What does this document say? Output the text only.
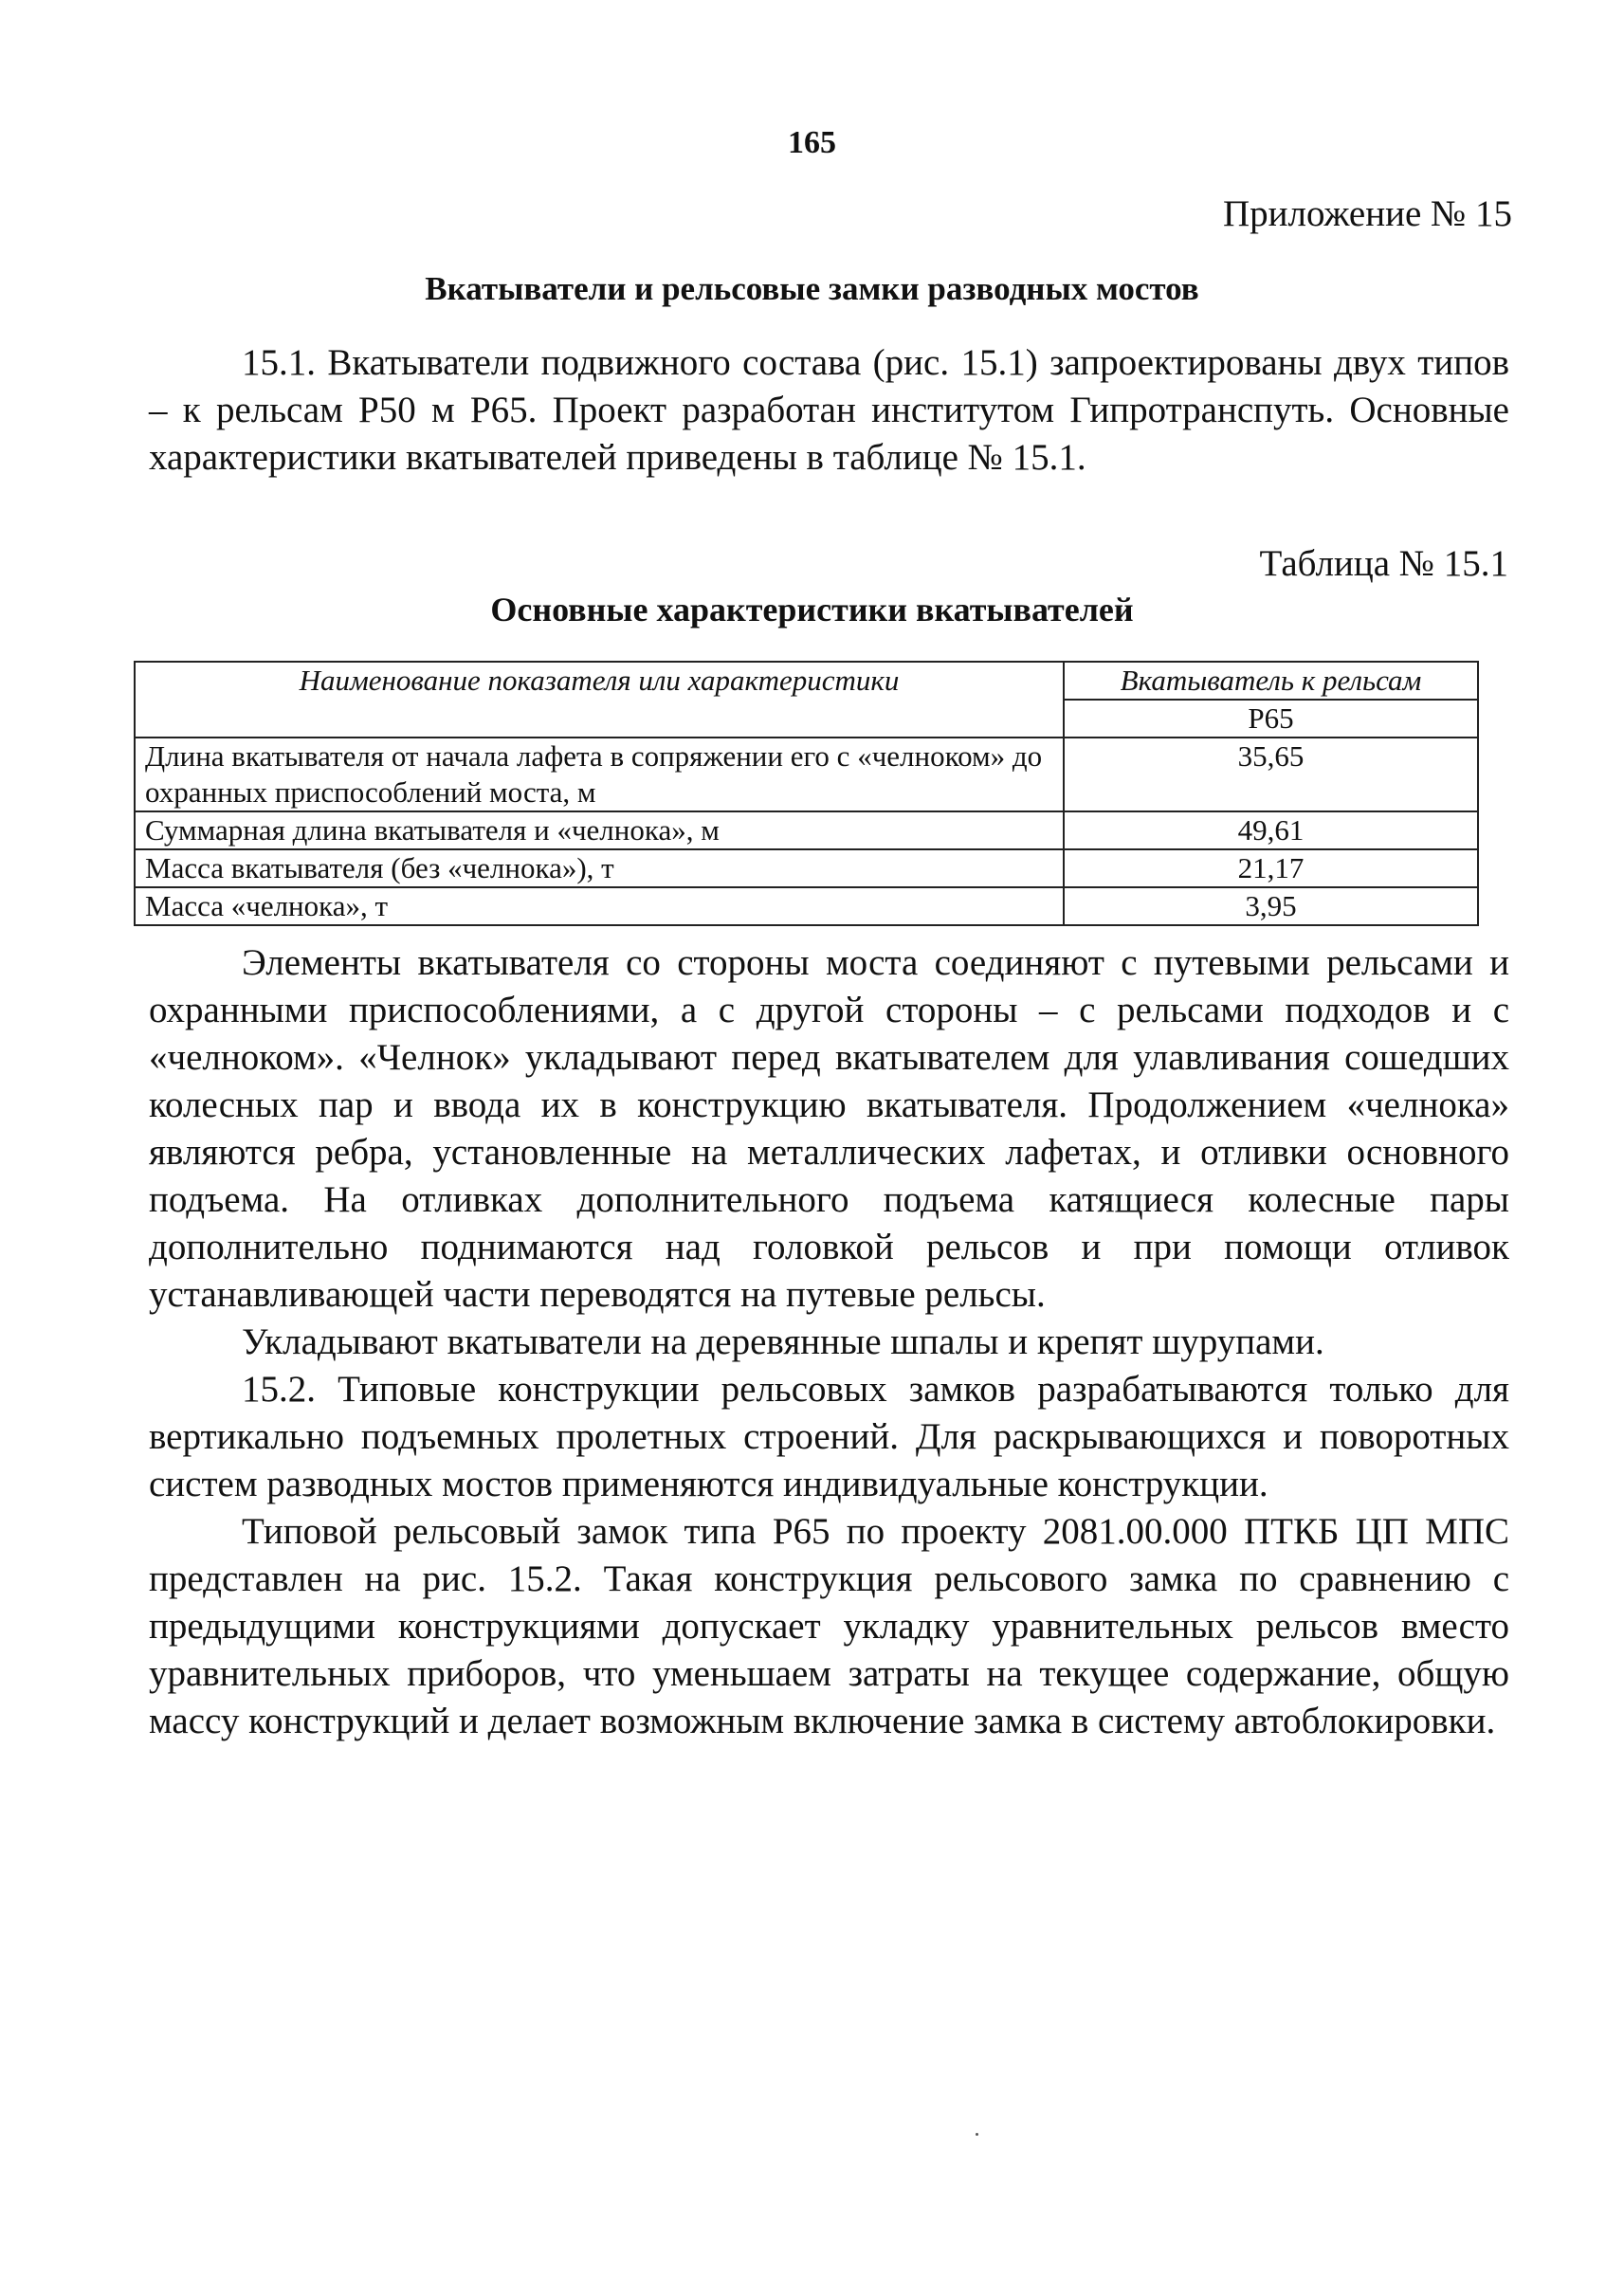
165
Приложение № 15
Вкатыватели и рельсовые замки разводных мостов

15.1. Вкатыватели подвижного состава (рис. 15.1) запроектированы двух типов – к рельсам Р50 м Р65. Проект разработан институтом Гипротранспуть. Основные характеристики вкатывателей приведены в таблице № 15.1.

Таблица № 15.1
Основные характеристики вкатывателей
Наименование показателя или характеристики	Вкатыватель к рельсам
	Р65
Длина вкатывателя от начала лафета в сопряжении его с «челноком» до охранных приспособлений моста, м	35,65
Суммарная длина вкатывателя и «челнока», м	49,61
Масса вкатывателя (без «челнока»), т	21,17
Масса «челнока», т	3,95

Элементы вкатывателя со стороны моста соединяют с путевыми рельсами и охранными приспособлениями, а с другой стороны – с рельсами подходов и с «челноком». «Челнок» укладывают перед вкатывателем для улавливания сошедших колесных пар и ввода их в конструкцию вкатывателя. Продолжением «челнока» являются ребра, установленные на металлических лафетах, и отливки основного подъема. На отливках дополнительного подъема катящиеся колесные пары дополнительно поднимаются над головкой рельсов и при помощи отливок устанавливающей части переводятся на путевые рельсы.

Укладывают вкатыватели на деревянные шпалы и крепят шурупами.

15.2. Типовые конструкции рельсовых замков разрабатываются только для вертикально подъемных пролетных строений. Для раскрывающихся и поворотных систем разводных мостов применяются индивидуальные конструкции.

Типовой рельсовый замок типа Р65 по проекту 2081.00.000 ПТКБ ЦП МПС представлен на рис. 15.2. Такая конструкция рельсового замка по сравнению с предыдущими конструкциями допускает укладку уравнительных рельсов вместо уравнительных приборов, что уменьшаем затраты на текущее содержание, общую массу конструкций и делает возможным включение замка в систему автоблокировки.
